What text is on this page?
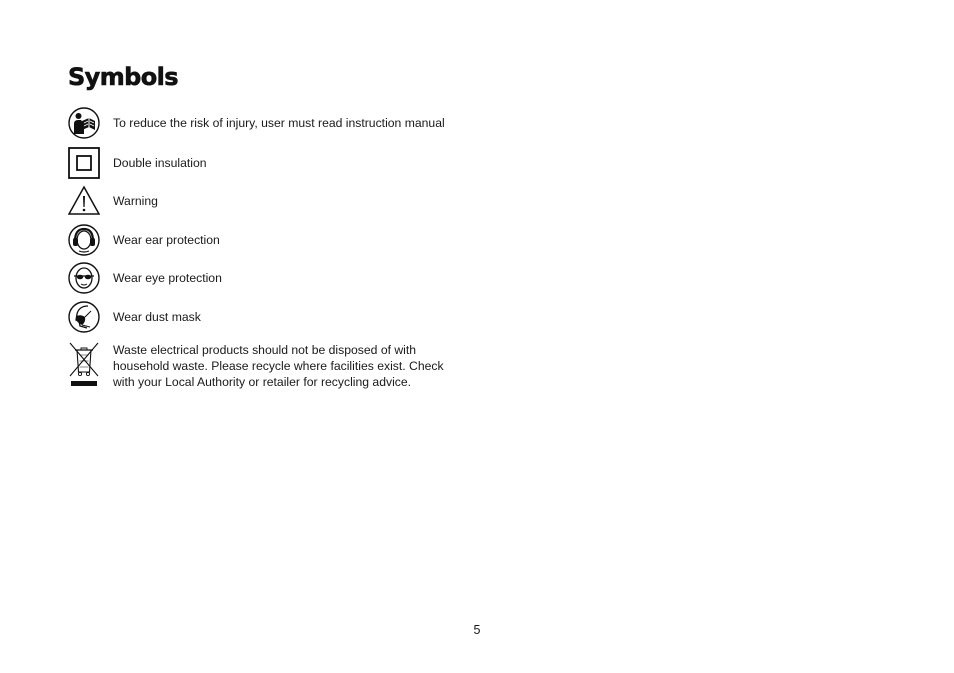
Symbols
To reduce the risk of injury, user must read instruction manual
Double insulation
Warning
Wear ear protection
Wear eye protection
Wear dust mask
Waste electrical products should not be disposed of with household waste. Please recycle where facilities exist. Check with your Local Authority or retailer for recycling advice.
5
